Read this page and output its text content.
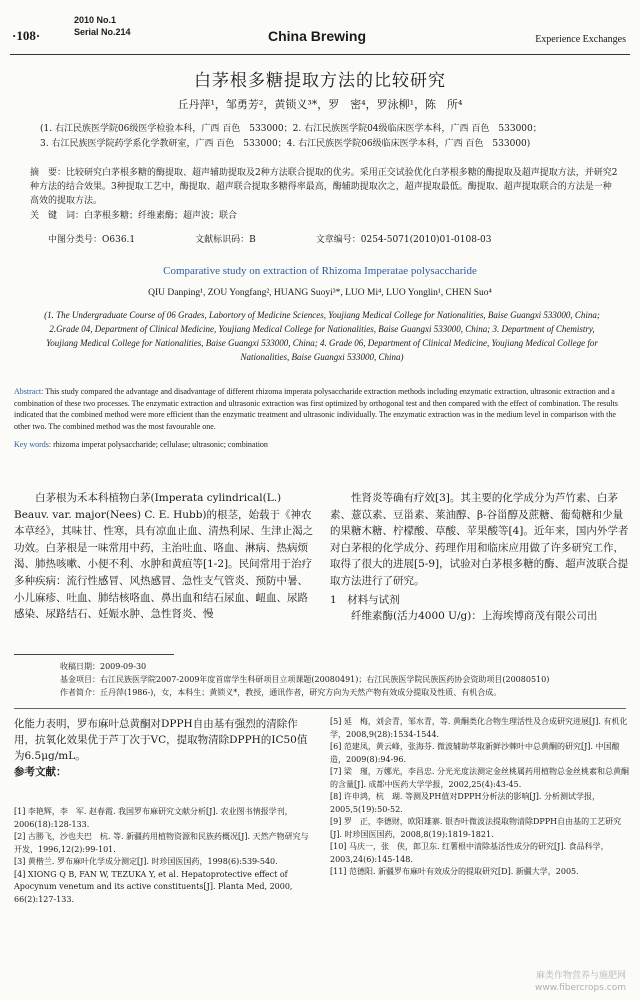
·108·
2010 No.1
Serial No.214	China Brewing	Experience Exchanges
白茅根多糖提取方法的比较研究
丘丹萍¹，邹勇芳²，黄锁义³*，罗　密⁴，罗泳柳¹，陈　所⁴
(1. 右江民族医学院06级医学检验本科，广西 百色　533000；2. 右江民族医学院04级临床医学本科，广西 百色　533000；
3. 右江民族医学院药学系化学教研室，广西 百色　533000；4. 右江民族医学院06级临床医学本科，广西 百色　533000)
摘　要：比较研究白茅根多糖的酶提取、超声辅助提取及2种方法联合提取的优劣。采用正交试验优化白茅根多糖的酶提取及超声提取方法，并研究2种方法的结合效果。3种提取工艺中，酶提取、超声联合提取多糖得率最高，酶辅助提取次之，超声提取最低。酶提取、超声提取联合的方法是一种高效的提取方法。
关　键　词：白茅根多糖；纤维素酶；超声波；联合
中图分类号：O636.1	文献标识码：B	文章编号：0254-5071(2010)01-0108-03
Comparative study on extraction of Rhizoma Imperatae polysaccharide
QIU Danping¹, ZOU Yongfang², HUANG Suoyi³*, LUO Mi⁴, LUO Yonglin¹, CHEN Suo⁴
(1. The Undergraduate Course of 06 Grades, Labortory of Medicine Sciences, Youjiang Medical College for Nationalities, Baise Guangxi 533000, China; 2.Grade 04, Department of Clinical Medicine, Youjiang Medical College for Nationalities, Baise Guangxi 533000, China; 3. Department of Chemistry, Youjiang Medical College for Nationalities, Baise Guangxi 533000, China; 4. Grade 06, Department of Clinical Medicine, Youjiang Medical College for Nationalities, Baise Guangxi 533000, China)
Abstract: This study compared the advantage and disadvantage of different rhizoma imperata polysaccharide extraction methods including enzymatic extraction, ultrasonic extraction and a combination of these two processes. The enzymatic extraction and ultrasonic extraction was first optimized by orthogonal test and then compared with the effect of combination. The results indicated that the combined method were more efficient than the enzymatic treatment and ultrasonic individually. The enzymatic extraction was in the medium level in comparison with the other two. The combined method was the most favourable one.
Key words: rhizoma imperat polysaccharide; cellulase; ultrasonic; combination
白茅根为禾本科植物白茅(Imperata cylindrical(L.) Beauv. var. major(Nees) C. E. Hubb)的根茎，始载于《神农本草经》，其味甘、性寒，具有凉血止血、清热利尿、生津止渴之功效。白茅根是一味常用中药，主治吐血、咯血、淋病、热病烦渴、肺热咳嗽、小便不利、水肿和黄疸等[1-2]。民间常用于治疗多种疾病：流行性感冒、风热感冒、急性支气管炎、预防中暑、小儿麻疹、吐血、肺结核咯血、鼻出血和结石尿血、衄血、尿路感染、尿路结石、妊娠水肿、急性肾炎、慢

性肾炎等确有疗效[3]。其主要的化学成分为芦竹素、白茅素、薏苡素、豆甾素、莱油醇、β-谷甾醇及蔗糖、葡萄糖和少量的果糖木糖、柠檬酸、草酸、苹果酸等[4]。近年来，国内外学者对白茅根的化学成分、药理作用和临床应用做了许多研究工作，取得了很大的进展[5-9]，试验对白茅根多糖的酶、超声波联合提取方法进行了研究。

1　材料与试剂

纤维素酶(活力4000 U/g)：上海埃博商茂有限公司出

收稿日期：2009-09-30
基金项目：右江民族医学院2007-2009年度首席学生科研项目立项课题(20080491)；右江民族医学院民族医药协会资助项目(20080510)
作者简介：丘丹萍(1986-)，女，本科生；黄锁义*，教授，通讯作者，研究方向为天然产物有效成分提取及性质、有机合成。
化能力表明，罗布麻叶总黄酮对DPPH自由基有强烈的清除作用，抗氧化效果优于芦丁次于VC，提取物清除DPPH的IC50值为6.5μg/mL。
参考文献：

[1] 李艳辉，李　军. 赵春霞. 我国罗布麻研究文献分析[J]. 农业图书情报学刊，2006(18):128-133.

[2] 古勝飞，沙也夫巴　杭. 等. 新疆药用植物资源和民族药概况[J]. 天然产物研究与开发，1996,12(2):99-101.

[3] 黄楷兰. 罗布麻叶化学成分测定[J]. 时珍国医国药，1998(6):539-540.

[4] XIONG Q B, FAN W, TEZUKA Y, et al. Hepatoprotective effect of Apocynum venetum and its active constituents[J]. Planta Med, 2000, 66(2):127-133.

[5] 延　梅，刘会青，邹水青，等. 黄酮类化合物生理活性及合成研究进展[J]. 有机化学，2008,9(28):1534-1544.

[6] 范建凤，黄云峰，张海芬. 微波辅助萃取新鲜沙棘叶中总黄酮的研究[J]. 中国酿造，2009(8):94-96.

[7] 梁　瑾，万娜光，李昌忠. 分光光度法测定金丝桃属药用植物总金丝桃素和总黄酮的含量[J]. 成都中医药大学学报，2002,25(4):43-45.

[8] 许申鸿，杭　瑚. 等测及PH值对DPPH分析法的影响[J]. 分析测试学报，2005,5(19):50-52.

[9] 罗　正，李德财，欧阳雄寨. 银杏叶微波法提取物清除DPPH自由基的工艺研究[J]. 时珍国医国药，2008,8(19):1819-1821.

[10] 马庆一，张　侠，郎卫东. 红薯根中清除基活性成分的研究[J]. 食品科学，2003,24(6):145-148.

[11] 范德阳. 新疆罗布麻叶有效成分的提取研究[D]. 新疆大学，2005.

麻类作物营养与施肥网
www.fibercrops.com
